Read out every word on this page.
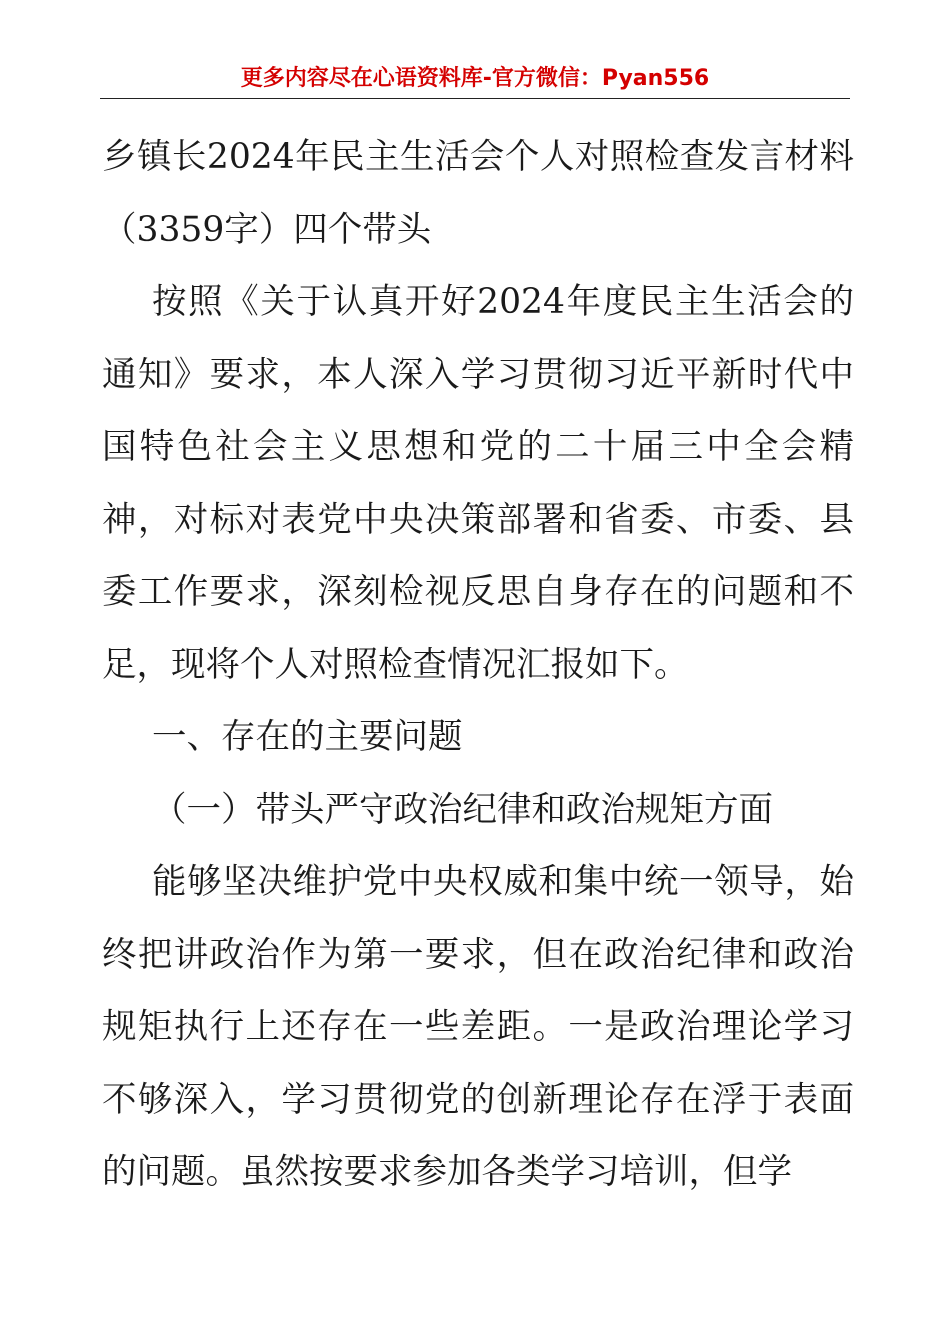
更多内容尽在心语资料库-官方微信：Pyan556

乡镇长2024年民主生活会个人对照检查发言材料（3359字）四个带头

按照《关于认真开好2024年度民主生活会的通知》要求，本人深入学习贯彻习近平新时代中国特色社会主义思想和党的二十届三中全会精神，对标对表党中央决策部署和省委、市委、县委工作要求，深刻检视反思自身存在的问题和不足，现将个人对照检查情况汇报如下。

一、存在的主要问题

（一）带头严守政治纪律和政治规矩方面

能够坚决维护党中央权威和集中统一领导，始终把讲政治作为第一要求，但在政治纪律和政治规矩执行上还存在一些差距。一是政治理论学习不够深入，学习贯彻党的创新理论存在浮于表面的问题。虽然按要求参加各类学习培训，但学
